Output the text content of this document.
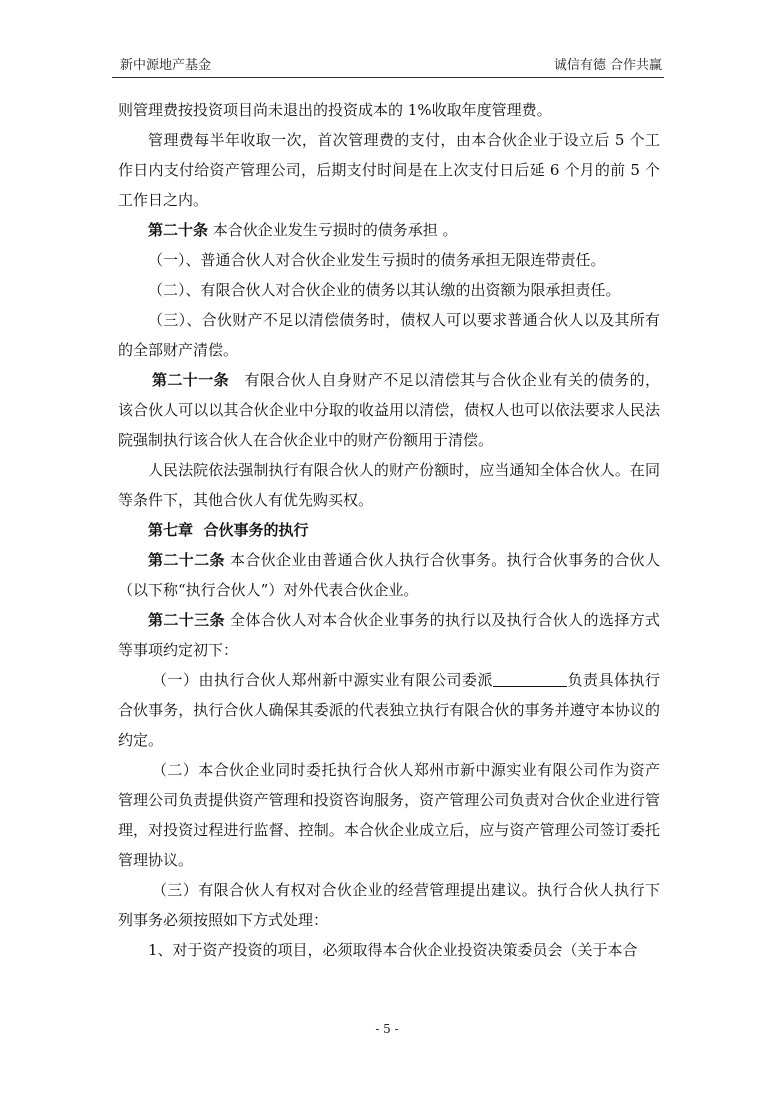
新中源地产基金	诚信有德 合作共赢

则管理费按投资项目尚未退出的投资成本的 1%收取年度管理费。

管理费每半年收取一次，首次管理费的支付，由本合伙企业于设立后 5 个工作日内支付给资产管理公司，后期支付时间是在上次支付日后延 6 个月的前 5 个工作日之内。

第二十条 本合伙企业发生亏损时的债务承担 。

（一）、普通合伙人对合伙企业发生亏损时的债务承担无限连带责任。

（二）、有限合伙人对合伙企业的债务以其认缴的出资额为限承担责任。

（三）、合伙财产不足以清偿债务时，债权人可以要求普通合伙人以及其所有的全部财产清偿。

第二十一条   有限合伙人自身财产不足以清偿其与合伙企业有关的债务的，该合伙人可以以其合伙企业中分取的收益用以清偿，债权人也可以依法要求人民法院强制执行该合伙人在合伙企业中的财产份额用于清偿。

人民法院依法强制执行有限合伙人的财产份额时，应当通知全体合伙人。在同等条件下，其他合伙人有优先购买权。

第七章  合伙事务的执行

第二十二条 本合伙企业由普通合伙人执行合伙事务。执行合伙事务的合伙人（以下称“执行合伙人”）对外代表合伙企业。

第二十三条 全体合伙人对本合伙企业事务的执行以及执行合伙人的选择方式等事项约定初下：

（一）由执行合伙人郑州新中源实业有限公司委派	负责具体执行合伙事务，执行合伙人确保其委派的代表独立执行有限合伙的事务并遵守本协议的约定。

（二）本合伙企业同时委托执行合伙人郑州市新中源实业有限公司作为资产管理公司负责提供资产管理和投资咨询服务，资产管理公司负责对合伙企业进行管理，对投资过程进行监督、控制。本合伙企业成立后，应与资产管理公司签订委托管理协议。

（三）有限合伙人有权对合伙企业的经营管理提出建议。执行合伙人执行下列事务必须按照如下方式处理：

1、对于资产投资的项目，必须取得本合伙企业投资决策委员会（关于本合

- 5 -
